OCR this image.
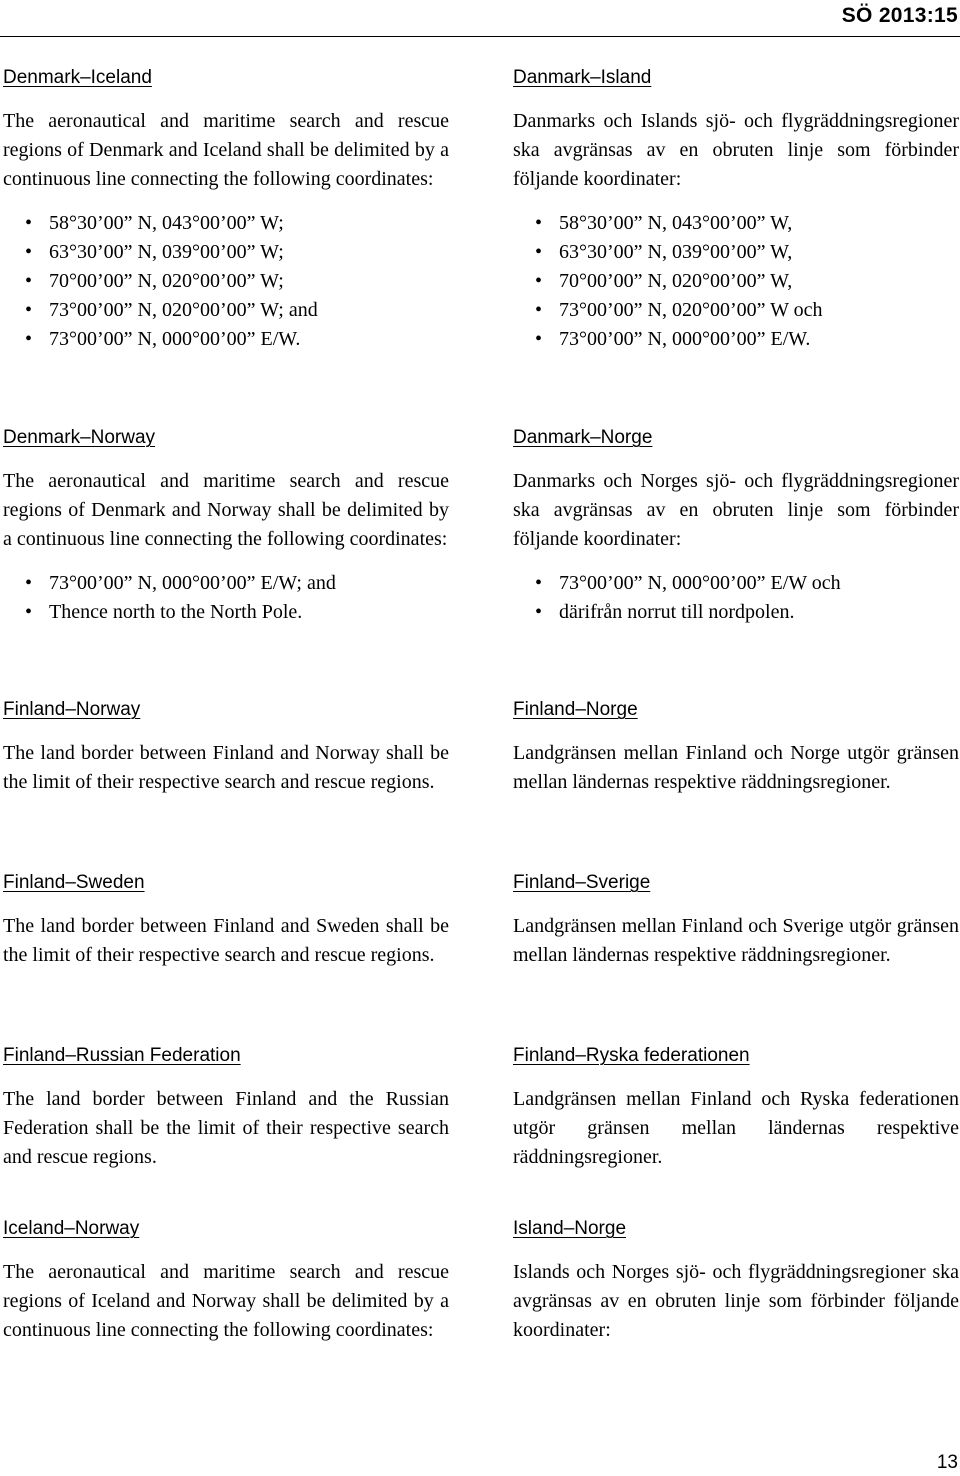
SÖ 2013:15
Denmark–Iceland

The aeronautical and maritime search and rescue regions of Denmark and Iceland shall be delimited by a continuous line connecting the following coordinates:

• 58°30’00” N, 043°00’00” W;
• 63°30’00” N, 039°00’00” W;
• 70°00’00” N, 020°00’00” W;
• 73°00’00” N, 020°00’00” W; and
• 73°00’00” N, 000°00’00” E/W.
Danmark–Island

Danmarks och Islands sjö- och flygräddningsregioner ska avgränsas av en obruten linje som förbinder följande koordinater:

• 58°30’00” N, 043°00’00” W,
• 63°30’00” N, 039°00’00” W,
• 70°00’00” N, 020°00’00” W,
• 73°00’00” N, 020°00’00” W och
• 73°00’00” N, 000°00’00” E/W.
Denmark–Norway

The aeronautical and maritime search and rescue regions of Denmark and Norway shall be delimited by a continuous line connecting the following coordinates:

• 73°00’00” N, 000°00’00” E/W; and
• Thence north to the North Pole.
Danmark–Norge

Danmarks och Norges sjö- och flygräddningsregioner ska avgränsas av en obruten linje som förbinder följande koordinater:

• 73°00’00” N, 000°00’00” E/W och
• därifrån norrut till nordpolen.
Finland–Norway

The land border between Finland and Norway shall be the limit of their respective search and rescue regions.

Finland–Norge

Landgränsen mellan Finland och Norge utgör gränsen mellan ländernas respektive räddningsregioner.

Finland–Sweden

The land border between Finland and Sweden shall be the limit of their respective search and rescue regions.

Finland–Sverige

Landgränsen mellan Finland och Sverige utgör gränsen mellan ländernas respektive räddningsregioner.

Finland–Russian Federation

The land border between Finland and the Russian Federation shall be the limit of their respective search and rescue regions.

Finland–Ryska federationen

Landgränsen mellan Finland och Ryska federationen utgör gränsen mellan ländernas respektive räddningsregioner.

Iceland–Norway

The aeronautical and maritime search and rescue regions of Iceland and Norway shall be delimited by a continuous line connecting the following coordinates:

Island–Norge

Islands och Norges sjö- och flygräddningsregioner ska avgränsas av en obruten linje som förbinder följande koordinater:

13
